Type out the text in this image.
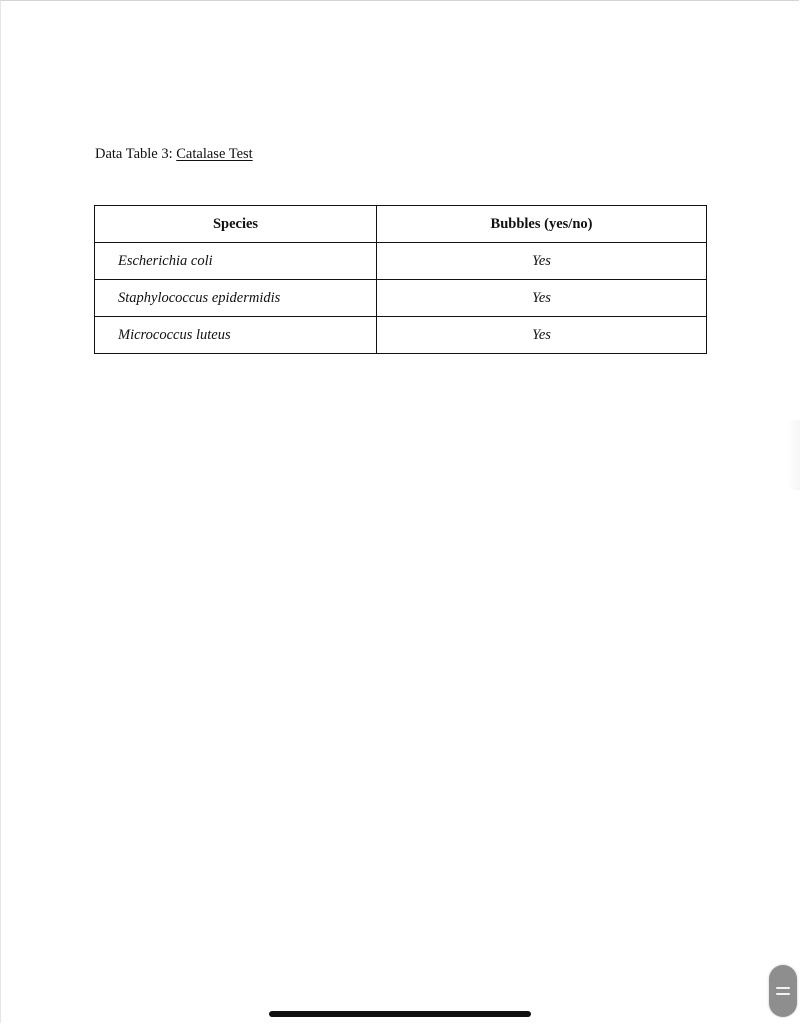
Data Table 3: Catalase Test
Species	Bubbles (yes/no)
Escherichia coli	Yes
Staphylococcus epidermidis	Yes
Micrococcus luteus	Yes
